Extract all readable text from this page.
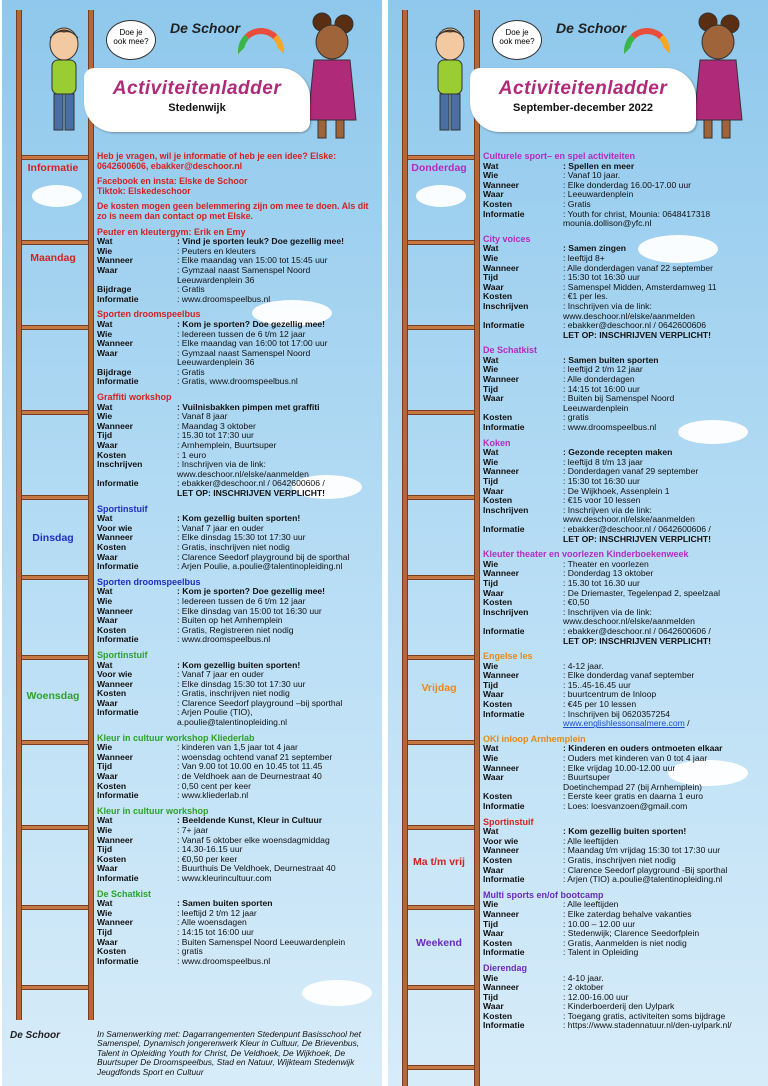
Doe je
ook mee?
De Schoor
Activiteitenladder
Stedenwijk
Informatie
Maandag
Dinsdag
Woensdag

Heb je vragen, wil je informatie of heb je een idee? Elske: 0642600606, ebakker@deschoor.nl

Facebook en insta: Elske de Schoor
Tiktok: Elskedeschoor

De kosten mogen geen belemmering zijn om mee te doen. Als dit zo is neem dan contact op met Elske.

Peuter en kleutergym: Erik en Emy
Wat	: Vind je sporten leuk? Doe gezellig mee!
Wie	: Peuters en kleuters
Wanneer	: Elke maandag van 15:00 tot 15:45 uur
Waar	: Gymzaal naast Samenspel Noord
Leeuwardenplein 36
Bijdrage	: Gratis
Informatie	: www.droomspeelbus.nl
Sporten droomspeelbus
Wat	: Kom je sporten? Doe gezellig mee!
Wie	: Iedereen tussen de 6 t/m 12 jaar
Wanneer	: Elke maandag van 16:00 tot 17:00 uur
Waar	: Gymzaal naast Samenspel Noord
Leeuwardenplein 36
Bijdrage	: Gratis
Informatie	: Gratis, www.droomspeelbus.nl
Graffiti workshop
Wat	: Vuilnisbakken pimpen met graffiti
Wie	: Vanaf 8 jaar
Wanneer	: Maandag 3 oktober
Tijd	: 15.30 tot 17:30 uur
Waar	: Arnhemplein, Buurtsuper
Kosten	: 1 euro
Inschrijven	: Inschrijven via de link:
www.deschoor.nl/elske/aanmelden
Informatie	: ebakker@deschoor.nl / 0642600606 /
LET OP: INSCHRIJVEN VERPLICHT!
Sportinstuif
Wat	: Kom gezellig buiten sporten!
Voor wie	: Vanaf 7 jaar en ouder
Wanneer	: Elke dinsdag 15:30 tot 17:30 uur
Kosten	: Gratis, inschrijven niet nodig
Waar	: Clarence Seedorf playground bij de sporthal
Informatie	: Arjen Poulie, a.poulie@talentinopleiding.nl
Sporten droomspeelbus
Wat	: Kom je sporten? Doe gezellig mee!
Wie	: Iedereen tussen de 6 t/m 12 jaar
Wanneer	: Elke dinsdag van 15:00 tot 16:30 uur
Waar	: Buiten op het Arnhemplein
Kosten	: Gratis, Registreren niet nodig
Informatie	: www.droomspeelbus.nl
Sportinstuif
Wat	: Kom gezellig buiten sporten!
Voor wie	: Vanaf 7 jaar en ouder
Wanneer	: Elke dinsdag 15:30 tot 17:30 uur
Kosten	: Gratis, inschrijven niet nodig
Waar	: Clarence Seedorf playground –bij sporthal
Informatie	: Arjen Poulie (TIO),
a.poulie@talentinopleiding.nl
Kleur in cultuur workshop Kliederlab
Wie	: kinderen van 1,5 jaar tot 4 jaar
Wanneer	: woensdag ochtend vanaf 21 september
Tijd	: Van 9.00 tot 10.00 en 10.45 tot 11.45
Waar	: de Veldhoek aan de Deurnestraat 40
Kosten	: 0,50 cent per keer
Informatie	: www.kliederlab.nl
Kleur in cultuur workshop
Wat	: Beeldende Kunst, Kleur in Cultuur
Wie	: 7+ jaar
Wanneer	: Vanaf 5 oktober elke woensdagmiddag
Tijd	: 14.30-16.15 uur
Kosten	: €0,50 per keer
Waar	: Buurthuis De Veldhoek, Deurnestraat 40
Informatie	: www.kleurincultuur.com
De Schatkist
Wat	: Samen buiten sporten
Wie	: leeftijd 2 t/m 12 jaar
Wanneer	: Alle woensdagen
Tijd	: 14:15 tot 16:00 uur
Waar	: Buiten Samenspel Noord Leeuwardenplein
Kosten	: gratis
Informatie	: www.droomspeelbus.nl
De Schoor	In Samenwerking met: Dagarrangementen Stedenpunt Basisschool het Samenspel, Dynamisch jongerenwerk Kleur in Cultuur, De Brievenbus, Talent in Opleiding Youth for Christ, De Veldhoek, De Wijkhoek, De Buurtsuper De Droomspeelbus, Stad en Natuur, Wijkteam Stedenwijk Jeugdfonds Sport en Cultuur
Doe je
ook mee?
De Schoor
Activiteitenladder
September-december 2022
Donderdag
Vrijdag
Ma t/m vrij
Weekend
Culturele sport– en spel activiteiten
Wat	: Spellen en meer
Wie	: Vanaf 10 jaar.
Wanneer	: Elke donderdag 16.00-17.00 uur
Waar	: Leeuwardenplein
Kosten	: Gratis
Informatie	: Youth for christ, Mounia: 0648417318
mounia.dollison@yfc.nl
City voices
Wat	: Samen zingen
Wie	: leeftijd 8+
Wanneer	: Alle donderdagen vanaf 22 september
Tijd	: 15:30 tot 16:30 uur
Waar	: Samenspel Midden, Amsterdamweg 11
Kosten	: €1 per les.
Inschrijven	: Inschrijven via de link:
www.deschoor.nl/elske/aanmelden
Informatie	: ebakker@deschoor.nl / 0642600606
LET OP: INSCHRIJVEN VERPLICHT!
De Schatkist
Wat	: Samen buiten sporten
Wie	: leeftijd 2 t/m 12 jaar
Wanneer	: Alle donderdagen
Tijd	: 14:15 tot 16:00 uur
Waar	: Buiten bij Samenspel Noord
Leeuwardenplein
Kosten	: gratis
Informatie	: www.droomspeelbus.nl
Koken
Wat	: Gezonde recepten maken
Wie	: leeftijd 8 t/m 13 jaar
Wanneer	: Donderdagen vanaf 29 september
Tijd	: 15:30 tot 16:30 uur
Waar	: De Wijkhoek, Assenplein 1
Kosten	: €15 voor 10 lessen
Inschrijven	: Inschrijven via de link:
www.deschoor.nl/elske/aanmelden
Informatie	: ebakker@deschoor.nl / 0642600606 /
LET OP: INSCHRIJVEN VERPLICHT!
Kleuter theater en voorlezen Kinderboekenweek
Wie	: Theater en voorlezen
Wanneer	: Donderdag 13 oktober
Tijd	: 15.30 tot 16.30 uur
Waar	: De Driemaster, Tegelenpad 2, speelzaal
Kosten	: €0,50
Inschrijven	: Inschrijven via de link:
www.deschoor.nl/elske/aanmelden
Informatie	: ebakker@deschoor.nl / 0642600606 /
LET OP: INSCHRIJVEN VERPLICHT!
Engelse les
Wie	: 4-12 jaar.
Wanneer	: Elke donderdag vanaf september
Tijd	: 15..45-16.45 uur
Waar	: buurtcentrum de Inloop
Kosten	: €45 per 10 lessen
Informatie	: Inschrijven bij 0620357254
www.englishlessonsalmere.com /
OKI inloop Arnhemplein
Wat	: Kinderen en ouders ontmoeten elkaar
Wie	: Ouders met kinderen van 0 tot 4 jaar
Wanneer	: Elke vrijdag 10.00-12.00 uur
Waar	: Buurtsuper
Doetinchempad 27 (bij Arnhemplein)
Kosten	: Eerste keer gratis en daarna 1 euro
Informatie	: Loes: loesvanzoen@gmail.com
Sportinstuif
Wat	: Kom gezellig buiten sporten!
Voor wie	: Alle leeftijden
Wanneer	: Maandag t/m vrijdag 15:30 tot 17:30 uur
Kosten	: Gratis, inschrijven niet nodig
Waar	: Clarence Seedorf playground -Bij sporthal
Informatie	: Arjen (TIO) a.poulie@talentinopleiding.nl
Multi sports en/of bootcamp
Wie	: Alle leeftijden
Wanneer	: Elke zaterdag behalve vakanties
Tijd	: 10.00 – 12.00 uur
Waar	: Stedenwijk; Clarence Seedorfplein
Kosten	: Gratis, Aanmelden is niet nodig
Informatie	: Talent in Opleiding
Dierendag
Wie	: 4-10 jaar.
Wanneer	: 2 oktober
Tijd	: 12.00-16.00 uur
Waar	: Kinderboerderij den Uylpark
Kosten	: Toegang gratis, activiteiten soms bijdrage
Informatie	: https://www.stadennatuur.nl/den-uylpark.nl/
